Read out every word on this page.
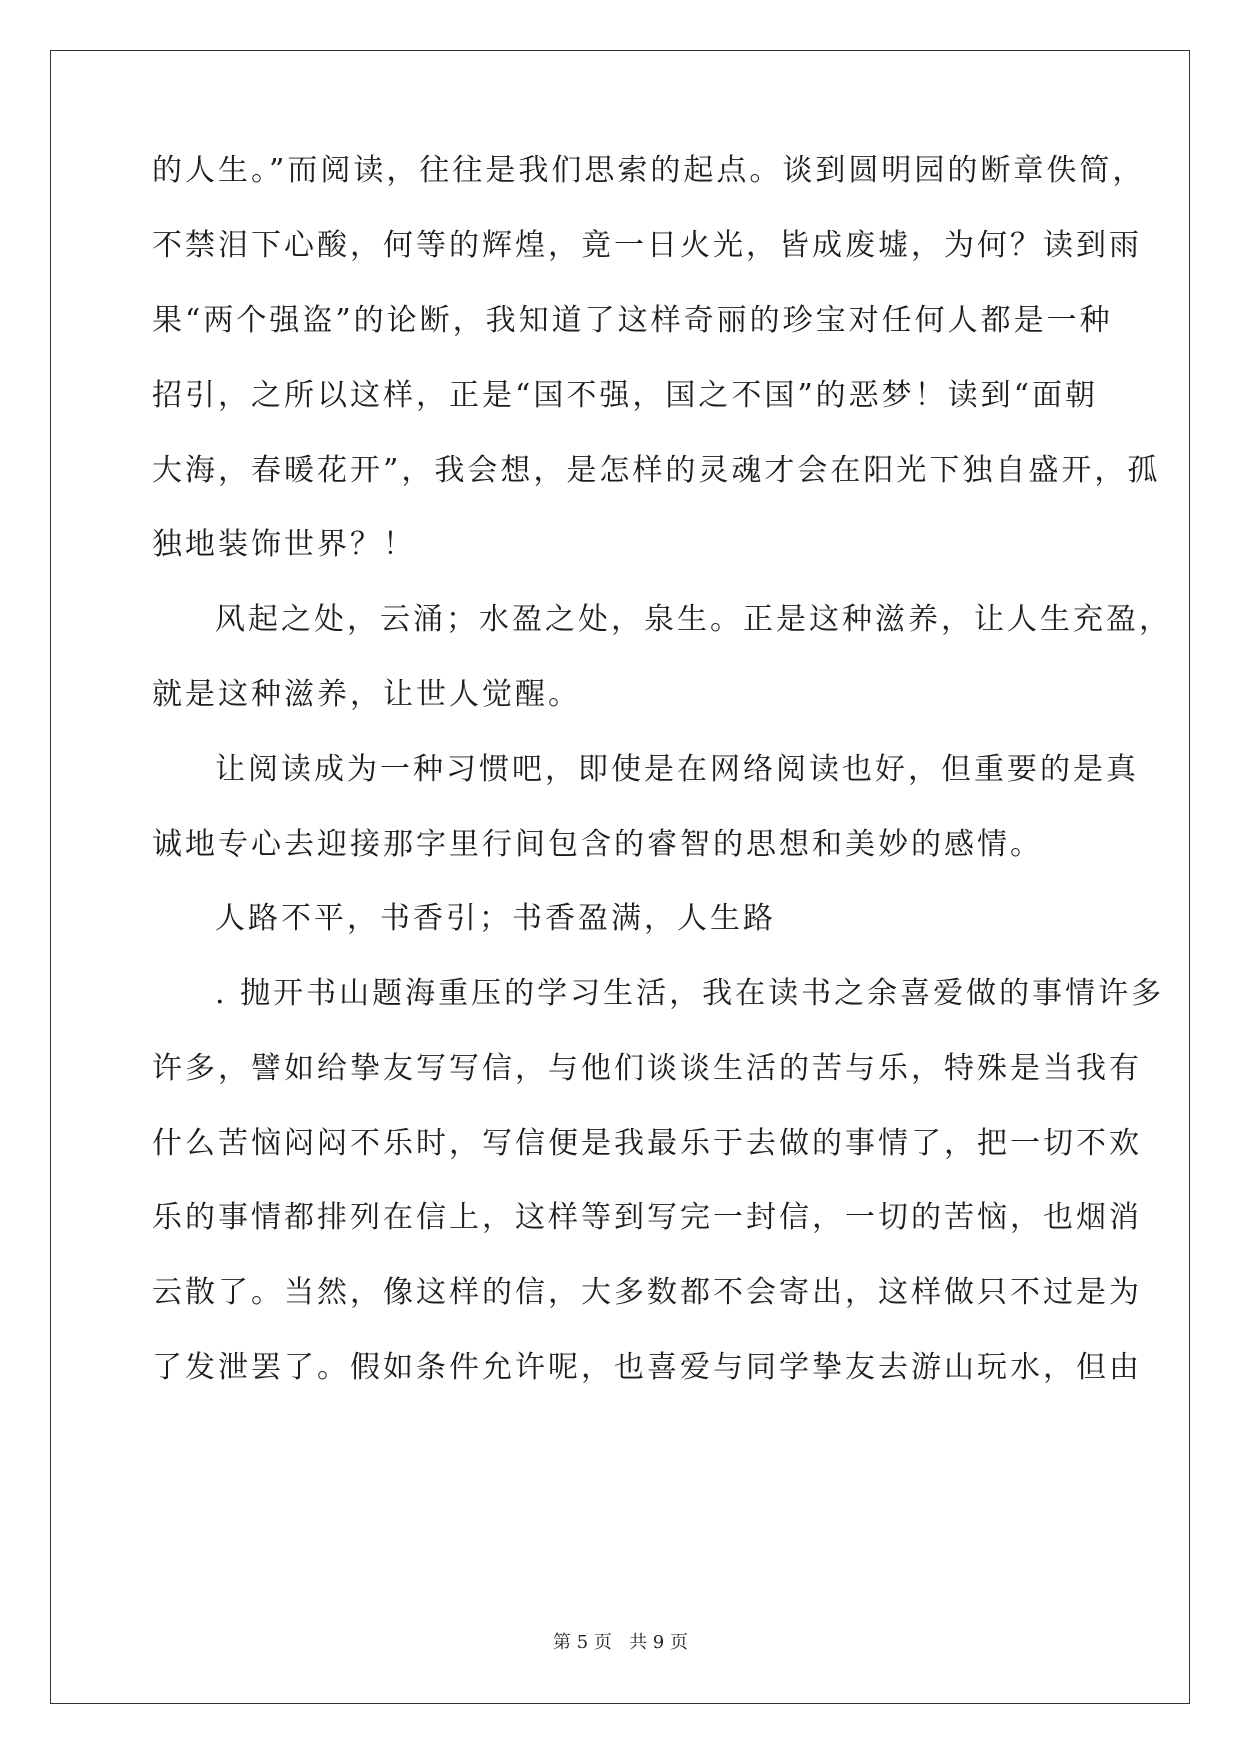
的人生。”而阅读，往往是我们思索的起点。谈到圆明园的断章佚简，
不禁泪下心酸，何等的辉煌，竟一日火光，皆成废墟，为何？读到雨
果“两个强盗”的论断，我知道了这样奇丽的珍宝对任何人都是一种
招引，之所以这样，正是“国不强，国之不国”的恶梦！读到“面朝
大海，春暖花开”，我会想，是怎样的灵魂才会在阳光下独自盛开，孤
独地装饰世界？！
风起之处，云涌；水盈之处，泉生。正是这种滋养，让人生充盈，
就是这种滋养，让世人觉醒。
让阅读成为一种习惯吧，即使是在网络阅读也好，但重要的是真
诚地专心去迎接那字里行间包含的睿智的思想和美妙的感情。
人路不平，书香引；书香盈满，人生路
. 抛开书山题海重压的学习生活，我在读书之余喜爱做的事情许多
许多，譬如给挚友写写信，与他们谈谈生活的苦与乐，特殊是当我有
什么苦恼闷闷不乐时，写信便是我最乐于去做的事情了，把一切不欢
乐的事情都排列在信上，这样等到写完一封信，一切的苦恼，也烟消
云散了。当然，像这样的信，大多数都不会寄出，这样做只不过是为
了发泄罢了。假如条件允许呢，也喜爱与同学挚友去游山玩水，但由
第 5 页 共 9 页
